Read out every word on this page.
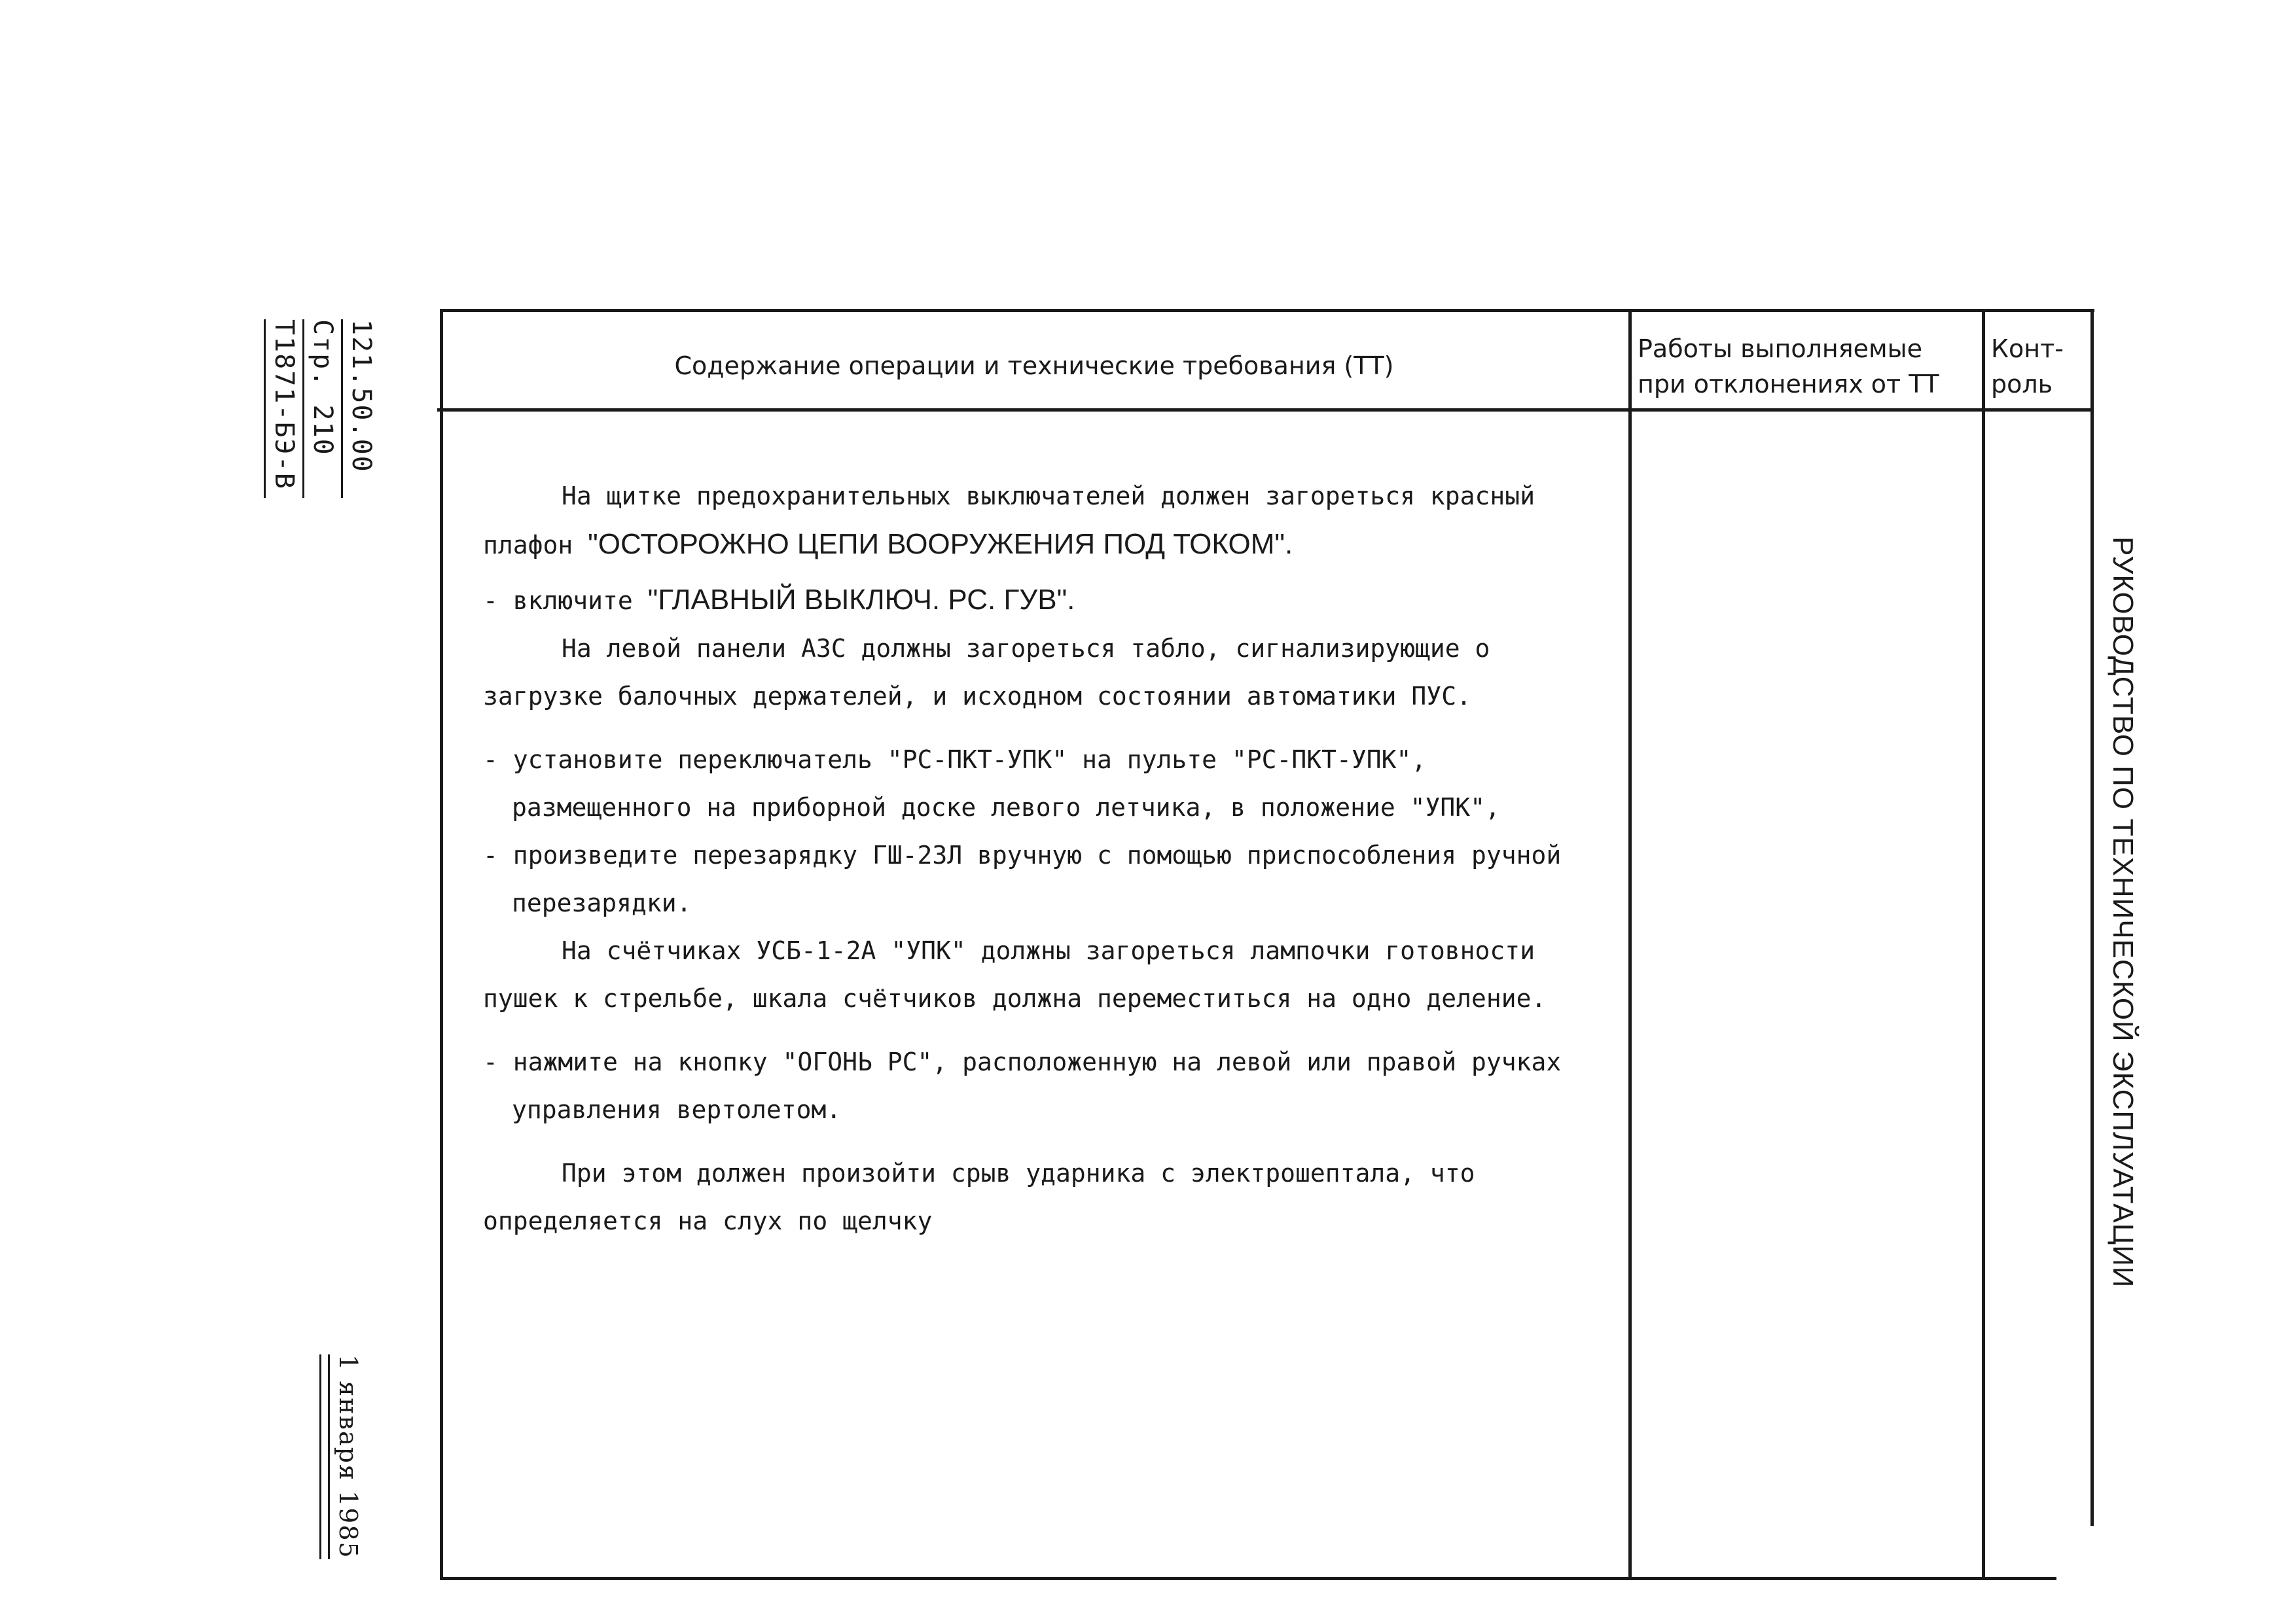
121.50.00
Стр. 210
Т1871-БЭ-В
1 января 1985
РУКОВОДСТВО ПО ТЕХНИЧЕСКОЙ ЭКСПЛУАТАЦИИ
Содержание операции и технические требования (ТТ)
Работы выполняемые
при отклонениях от ТТ
Конт-
роль

На щитке предохранительных выключателей должен загореться красный

плафон "ОСТОРОЖНО ЦЕПИ ВООРУЖЕНИЯ ПОД ТОКОМ".

- включите "ГЛАВНЫЙ ВЫКЛЮЧ. РС. ГУВ".

На левой панели АЗС должны загореться табло, сигнализирующие о

загрузке балочных держателей, и исходном состоянии автоматики ПУС.

- установите переключатель "РС-ПКТ-УПК" на пульте "РС-ПКТ-УПК", размещенного на приборной доске левого летчика, в положение "УПК",

- произведите перезарядку ГШ-23Л вручную с помощью приспособления ручной перезарядки.

На счётчиках УСБ-1-2А "УПК" должны загореться лампочки готовности

пушек к стрельбе, шкала счётчиков должна переместиться на одно деление.

- нажмите на кнопку "ОГОНЬ РС", расположенную на левой или правой ручках управления вертолетом.

При этом должен произойти срыв ударника с электрошептала, что

определяется на слух по щелчку
